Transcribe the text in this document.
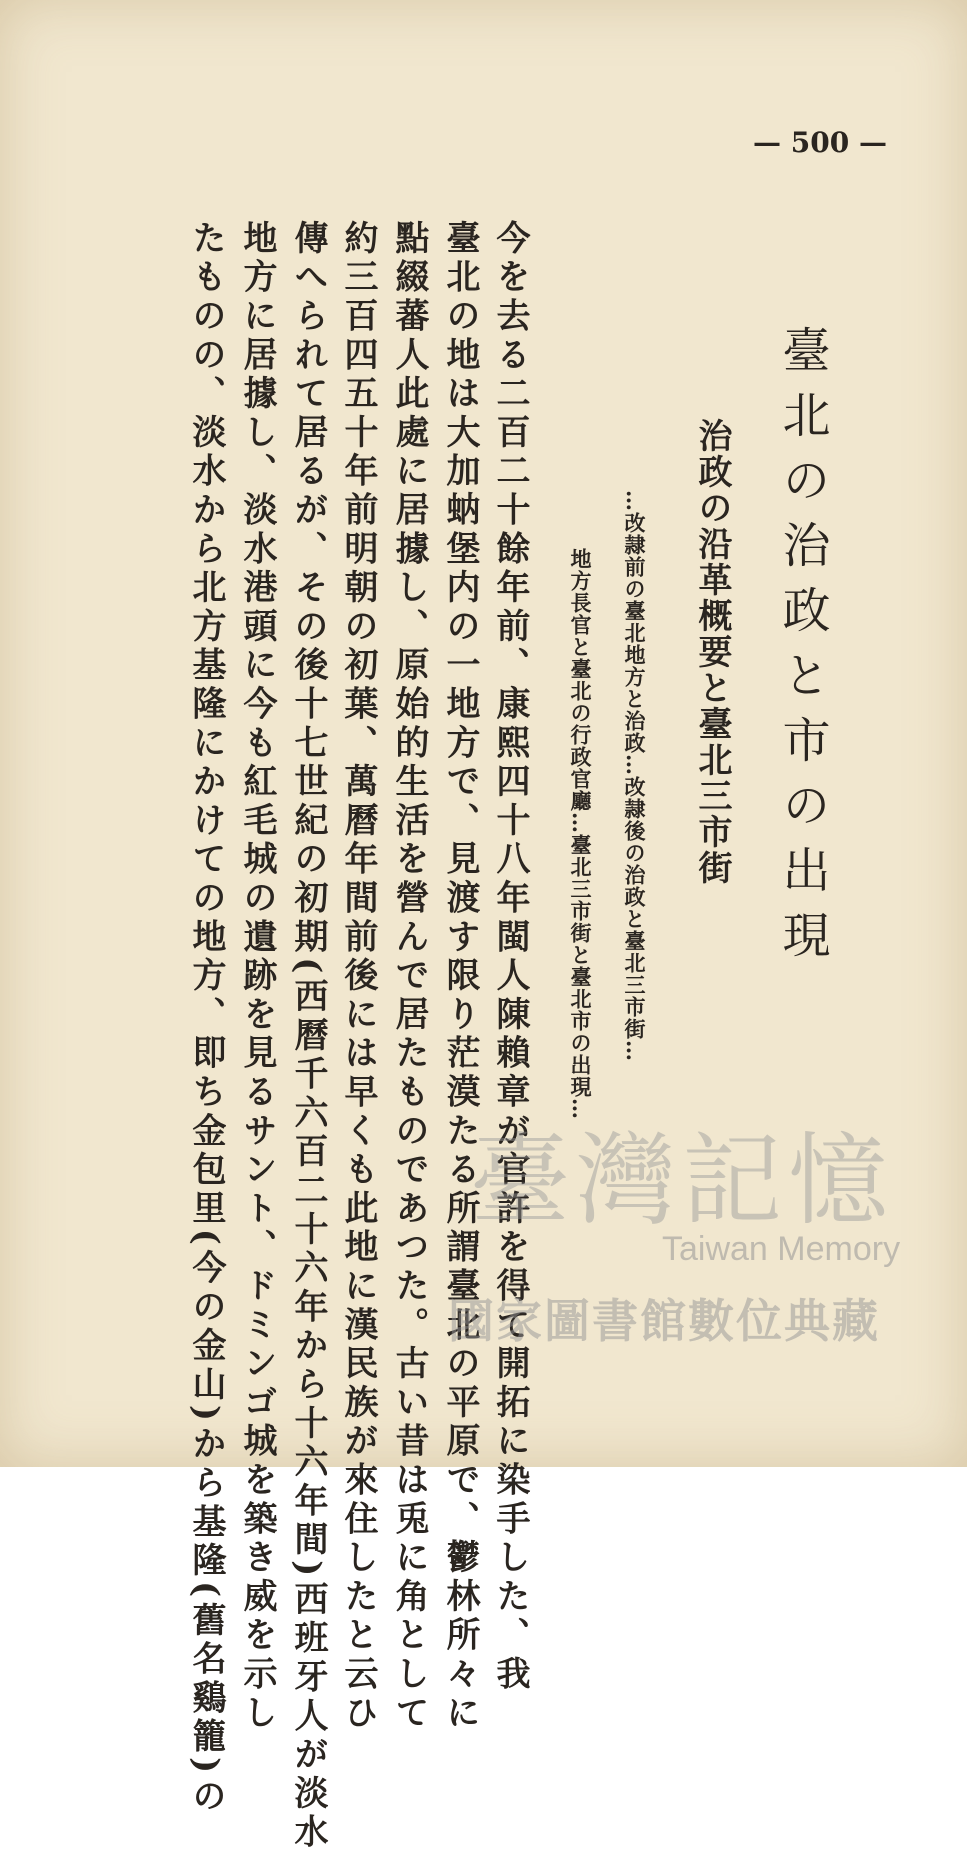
— 500 —
臺北の治政と市の出現
治政の沿革概要と臺北三市街
…改隷前の臺北地方と治政…改隷後の治政と臺北三市街…
地方長官と臺北の行政官廳…臺北三市街と臺北市の出現…
今を去る二百二十餘年前、康熙四十八年閩人陳賴章が官許を得て開拓に染手した、我
臺北の地は大加蚋堡内の一地方で、見渡す限り茫漠たる所謂臺北の平原で、鬱林所々に
點綴蕃人此處に居據し、原始的生活を營んで居たものであつた。古い昔は兎に角として
約三百四五十年前明朝の初葉、萬曆年間前後には早くも此地に漢民族が來住したと云ひ
傳へられて居るが、その後十七世紀の初期(西曆千六百二十六年から十六年間)西班牙人が淡水
地方に居據し、淡水港頭に今も紅毛城の遺跡を見るサント、ドミンゴ城を築き威を示し
たものの、淡水から北方基隆にかけての地方、即ち金包里(今の金山)から基隆(舊名鷄籠)の 臺灣記憶
Taiwan Memory
國家圖書館數位典藏
